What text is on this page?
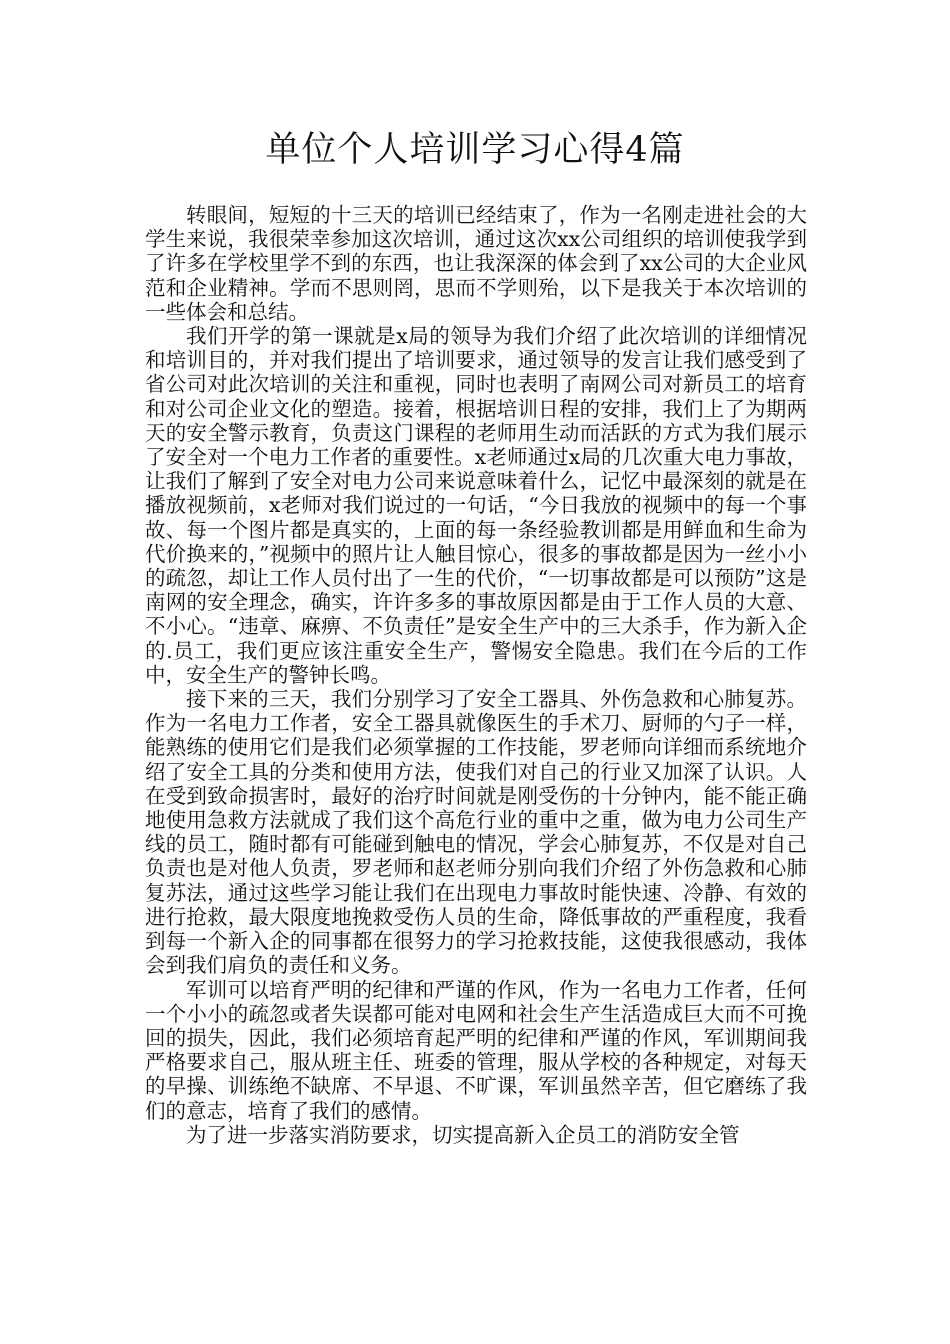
单位个人培训学习心得4篇

转眼间，短短的十三天的培训已经结束了，作为一名刚走进社会的大学生来说，我很荣幸参加这次培训，通过这次xx公司组织的培训使我学到了许多在学校里学不到的东西，也让我深深的体会到了xx公司的大企业风范和企业精神。学而不思则罔，思而不学则殆，以下是我关于本次培训的一些体会和总结。

我们开学的第一课就是x局的领导为我们介绍了此次培训的详细情况和培训目的，并对我们提出了培训要求，通过领导的发言让我们感受到了省公司对此次培训的关注和重视，同时也表明了南网公司对新员工的培育和对公司企业文化的塑造。接着，根据培训日程的安排，我们上了为期两天的安全警示教育，负责这门课程的老师用生动而活跃的方式为我们展示了安全对一个电力工作者的重要性。x老师通过x局的几次重大电力事故，让我们了解到了安全对电力公司来说意味着什么，记忆中最深刻的就是在播放视频前，x老师对我们说过的一句话，“今日我放的视频中的每一个事故、每一个图片都是真实的，上面的每一条经验教训都是用鲜血和生命为代价换来的，”视频中的照片让人触目惊心，很多的事故都是因为一丝小小的疏忽，却让工作人员付出了一生的代价，“一切事故都是可以预防”这是南网的安全理念，确实，许许多多的事故原因都是由于工作人员的大意、不小心。“违章、麻痹、不负责任”是安全生产中的三大杀手，作为新入企的.员工，我们更应该注重安全生产，警惕安全隐患。我们在今后的工作中，安全生产的警钟长鸣。

接下来的三天，我们分别学习了安全工器具、外伤急救和心肺复苏。作为一名电力工作者，安全工器具就像医生的手术刀、厨师的勺子一样，能熟练的使用它们是我们必须掌握的工作技能，罗老师向详细而系统地介绍了安全工具的分类和使用方法，使我们对自己的行业又加深了认识。人在受到致命损害时，最好的治疗时间就是刚受伤的十分钟内，能不能正确地使用急救方法就成了我们这个高危行业的重中之重，做为电力公司生产线的员工，随时都有可能碰到触电的情况，学会心肺复苏，不仅是对自己负责也是对他人负责，罗老师和赵老师分别向我们介绍了外伤急救和心肺复苏法，通过这些学习能让我们在出现电力事故时能快速、冷静、有效的进行抢救，最大限度地挽救受伤人员的生命，降低事故的严重程度，我看到每一个新入企的同事都在很努力的学习抢救技能，这使我很感动，我体会到我们肩负的责任和义务。

军训可以培育严明的纪律和严谨的作风，作为一名电力工作者，任何一个小小的疏忽或者失误都可能对电网和社会生产生活造成巨大而不可挽回的损失，因此，我们必须培育起严明的纪律和严谨的作风，军训期间我严格要求自己，服从班主任、班委的管理，服从学校的各种规定，对每天的早操、训练绝不缺席、不早退、不旷课，军训虽然辛苦，但它磨练了我们的意志，培育了我们的感情。

为了进一步落实消防要求，切实提高新入企员工的消防安全管
